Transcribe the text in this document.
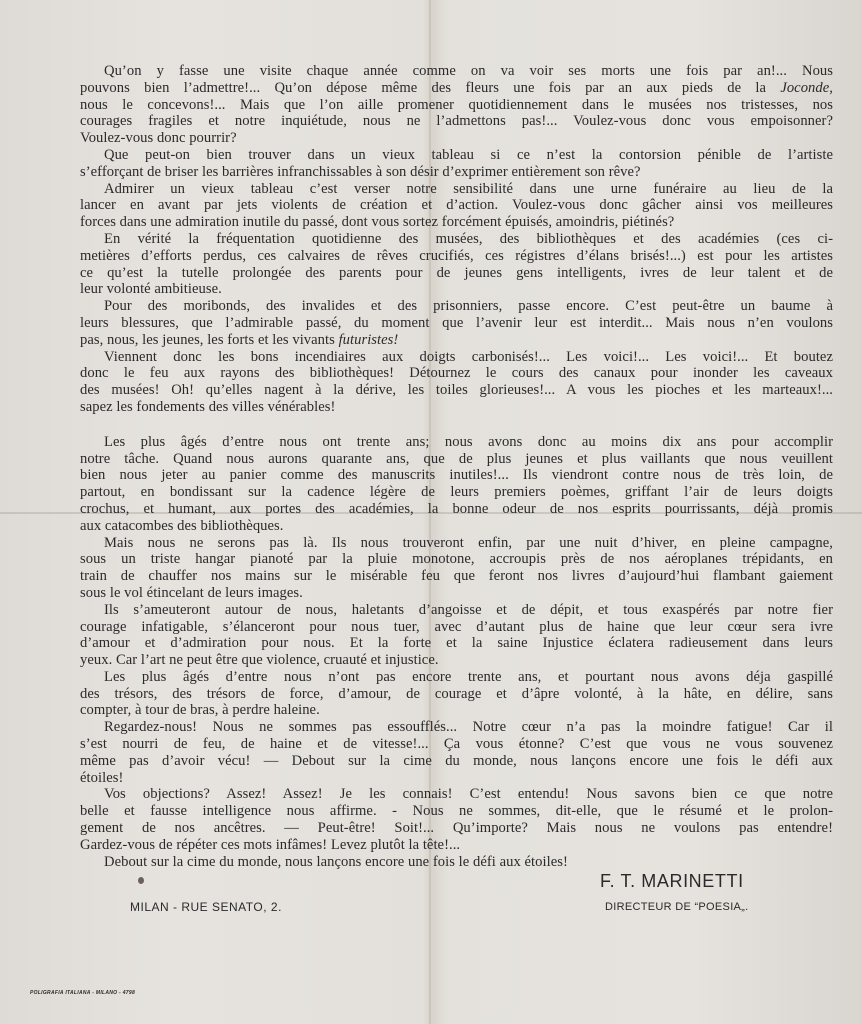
Qu’on y fasse une visite chaque année comme on va voir ses morts une fois par an!... Nous
pouvons bien l’admettre!... Qu’on dépose même des fleurs une fois par an aux pieds de la Joconde,
nous le concevons!... Mais que l’on aille promener quotidiennement dans le musées nos tristesses, nos
courages fragiles et notre inquiétude, nous ne l’admettons pas!... Voulez-vous donc vous empoisonner?
Voulez-vous donc pourrir?
Que peut-on bien trouver dans un vieux tableau si ce n’est la contorsion pénible de l’artiste
s’efforçant de briser les barrières infranchissables à son désir d’exprimer entièrement son rêve?
Admirer un vieux tableau c’est verser notre sensibilité dans une urne funéraire au lieu de la
lancer en avant par jets violents de création et d’action. Voulez-vous donc gâcher ainsi vos meilleures
forces dans une admiration inutile du passé, dont vous sortez forcément épuisés, amoindris, piétinés?
En vérité la fréquentation quotidienne des musées, des bibliothèques et des académies (ces ci-
metières d’efforts perdus, ces calvaires de rêves crucifiés, ces régistres d’élans brisés!...) est pour les artistes
ce qu’est la tutelle prolongée des parents pour de jeunes gens intelligents, ivres de leur talent et de
leur volonté ambitieuse.
Pour des moribonds, des invalides et des prisonniers, passe encore. C’est peut-être un baume à
leurs blessures, que l’admirable passé, du moment que l’avenir leur est interdit... Mais nous n’en voulons
pas, nous, les jeunes, les forts et les vivants futuristes!
Viennent donc les bons incendiaires aux doigts carbonisés!... Les voici!... Les voici!... Et boutez
donc le feu aux rayons des bibliothèques! Détournez le cours des canaux pour inonder les caveaux
des musées! Oh! qu’elles nagent à la dérive, les toiles glorieuses!... A vous les pioches et les marteaux!...
sapez les fondements des villes vénérables!
Les plus âgés d’entre nous ont trente ans; nous avons donc au moins dix ans pour accomplir
notre tâche. Quand nous aurons quarante ans, que de plus jeunes et plus vaillants que nous veuillent
bien nous jeter au panier comme des manuscrits inutiles!... Ils viendront contre nous de très loin, de
partout, en bondissant sur la cadence légère de leurs premiers poèmes, griffant l’air de leurs doigts
crochus, et humant, aux portes des académies, la bonne odeur de nos esprits pourrissants, déjà promis
aux catacombes des bibliothèques.
Mais nous ne serons pas là. Ils nous trouveront enfin, par une nuit d’hiver, en pleine campagne,
sous un triste hangar pianoté par la pluie monotone, accroupis près de nos aéroplanes trépidants, en
train de chauffer nos mains sur le misérable feu que feront nos livres d’aujourd’hui flambant gaiement
sous le vol étincelant de leurs images.
Ils s’ameuteront autour de nous, haletants d’angoisse et de dépit, et tous exaspérés par notre fier
courage infatigable, s’élanceront pour nous tuer, avec d’autant plus de haine que leur cœur sera ivre
d’amour et d’admiration pour nous. Et la forte et la saine Injustice éclatera radieusement dans leurs
yeux. Car l’art ne peut être que violence, cruauté et injustice.
Les plus âgés d’entre nous n’ont pas encore trente ans, et pourtant nous avons déja gaspillé
des trésors, des trésors de force, d’amour, de courage et d’âpre volonté, à la hâte, en délire, sans
compter, à tour de bras, à perdre haleine.
Regardez-nous! Nous ne sommes pas essoufflés... Notre cœur n’a pas la moindre fatigue! Car il
s’est nourri de feu, de haine et de vitesse!... Ça vous étonne? C’est que vous ne vous souvenez
même pas d’avoir vécu! — Debout sur la cime du monde, nous lançons encore une fois le défi aux
étoiles!
Vos objections? Assez! Assez! Je les connais! C’est entendu! Nous savons bien ce que notre
belle et fausse intelligence nous affirme. - Nous ne sommes, dit-elle, que le résumé et le prolon-
gement de nos ancêtres. — Peut-être! Soit!... Qu’importe? Mais nous ne voulons pas entendre!
Gardez-vous de répéter ces mots infâmes! Levez plutôt la tête!...
Debout sur la cime du monde, nous lançons encore une fois le défi aux étoiles!
MILAN - RUE SENATO, 2.
F. T. MARINETTI
DIRECTEUR DE “POESIA„.
POLIGRAFIA ITALIANA - MILANO - 4798
